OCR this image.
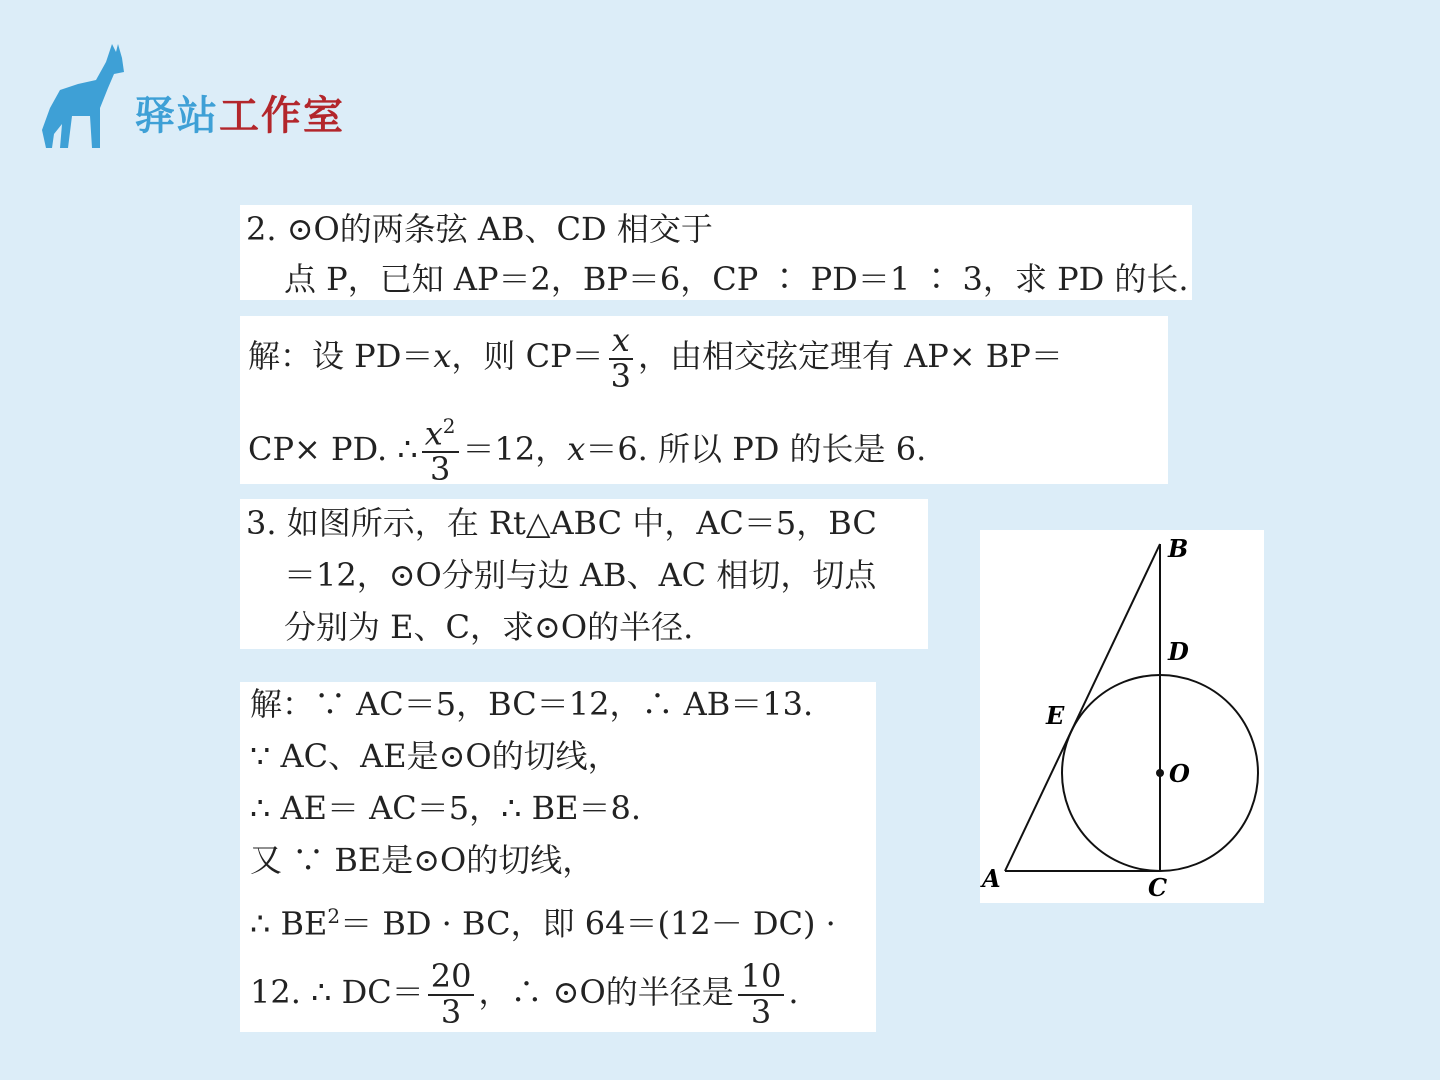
驿站工作室
2. ⊙O的两条弦 AB、CD 相交于
点 P，已知 AP＝2，BP＝6，CP ∶ PD＝1 ∶ 3，求 PD 的长.
解：设 PD＝x，则 $CP= \frac{x}{3}$ ，由相交弦定理有 AP× BP＝
CP× PD. ∴ $\frac{x^2}{3} =12$，x＝6. 所以 PD 的长是 6.
3. 如图所示，在 Rt△ABC 中，AC＝5，BC
＝12，⊙O分别与边 AB、AC 相切，切点
分别为 E、C，求⊙O的半径.
解：∵ AC＝5，BC＝12，∴ AB＝13.
∵ AC、AE是⊙O的切线，
∴ AE＝ AC＝5，∴ BE＝8.
又 ∵ BE是⊙O的切线，
∴ $BE^2=$ BD · BC，即 64＝(12－ DC) ·
12. ∴ $DC= \frac{20}{3}$ ，∴ ⊙O的半径是 $\frac{10}{3}$ .
B
D
E
O
A	C
